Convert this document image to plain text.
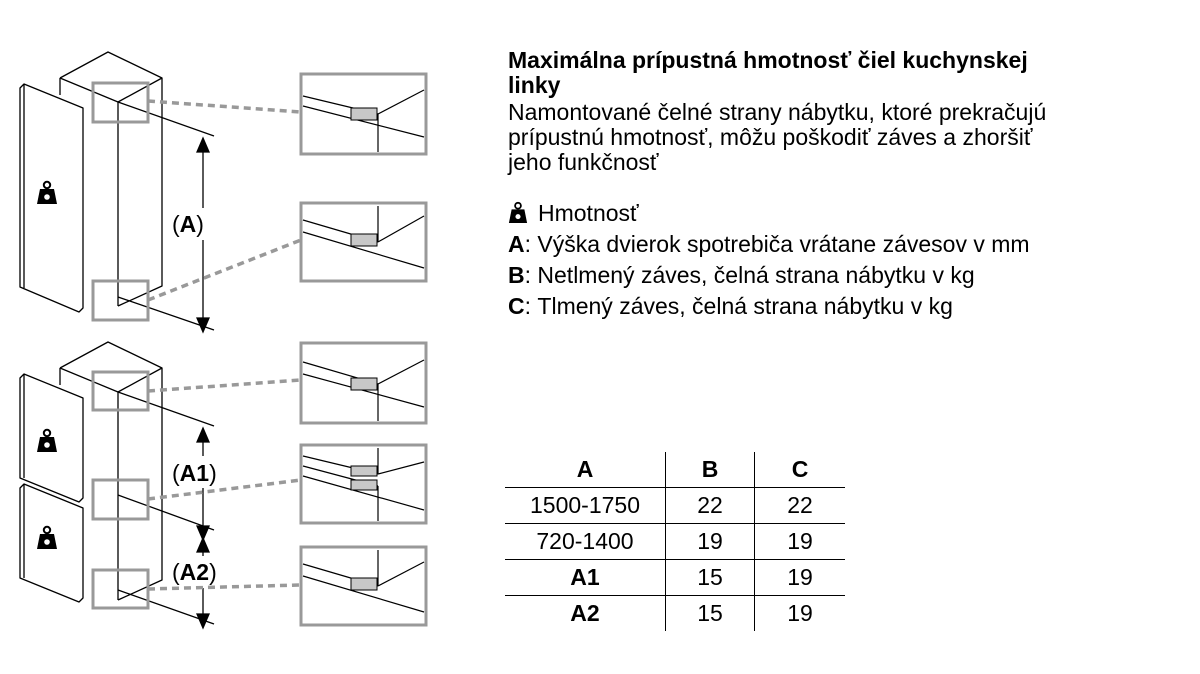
(A)
(A1)
(A2)

Maximálna prípustná hmotnosť čiel kuchynskej
linky

Namontované čelné strany nábytku, ktoré prekračujú
prípustnú hmotnosť, môžu poškodiť záves a zhoršiť
jeho funkčnosť

Hmotnosť
A: Výška dvierok spotrebiča vrátane závesov v mm
B: Netlmený záves, čelná strana nábytku v kg
C: Tlmený záves, čelná strana nábytku v kg
A	B	C
1500-1750	22	22
720-1400	19	19
A1	15	19
A2	15	19
